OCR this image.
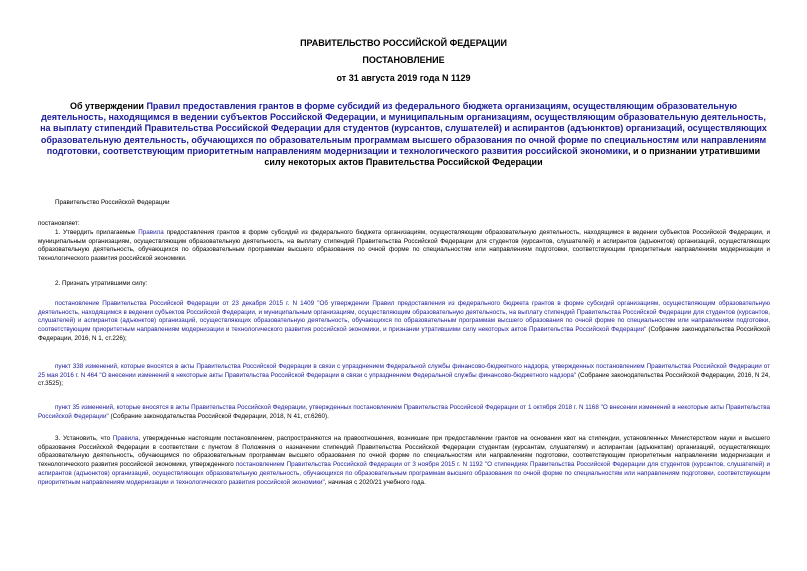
ПРАВИТЕЛЬСТВО РОССИЙСКОЙ ФЕДЕРАЦИИ
ПОСТАНОВЛЕНИЕ
от 31 августа 2019 года N 1129
Об утверждении Правил предоставления грантов в форме субсидий из федерального бюджета организациям, осуществляющим образовательную деятельность, находящимся в ведении субъектов Российской Федерации, и муниципальным организациям, осуществляющим образовательную деятельность, на выплату стипендий Правительства Российской Федерации для студентов (курсантов, слушателей) и аспирантов (адъюнктов) организаций, осуществляющих образовательную деятельность, обучающихся по образовательным программам высшего образования по очной форме по специальностям или направлениям подготовки, соответствующим приоритетным направлениям модернизации и технологического развития российской экономики, и о признании утратившими силу некоторых актов Правительства Российской Федерации
Правительство Российской Федерации
постановляет:
1. Утвердить прилагаемые Правила предоставления грантов в форме субсидий из федерального бюджета организациям, осуществляющим образовательную деятельность, находящимся в ведении субъектов Российской Федерации, и муниципальным организациям, осуществляющим образовательную деятельность, на выплату стипендий Правительства Российской Федерации для студентов (курсантов, слушателей) и аспирантов (адъюнктов) организаций, осуществляющих образовательную деятельность, обучающихся по образовательным программам высшего образования по очной форме по специальностям или направлениям подготовки, соответствующим приоритетным направлениям модернизации и технологического развития российской экономики.
2. Признать утратившими силу:
постановление Правительства Российской Федерации от 23 декабря 2015 г. N 1409 "Об утверждении Правил предоставления из федерального бюджета грантов в форме субсидий организациям, осуществляющим образовательную деятельность, находящимся в ведении субъектов Российской Федерации, и муниципальным организациям, осуществляющим образовательную деятельность, на выплату стипендий Правительства Российской Федерации для студентов (курсантов, слушателей) и аспирантов (адъюнктов) организаций, осуществляющих образовательную деятельность, обучающихся по образовательным программам высшего образования по очной форме по специальностям или направлениям подготовки, соответствующим приоритетным направлениям модернизации и технологического развития российской экономики, и признании утратившими силу некоторых актов Правительства Российской Федерации" (Собрание законодательства Российской Федерации, 2016, N 1, ст.226);
пункт 338 изменений, которые вносятся в акты Правительства Российской Федерации в связи с упразднением Федеральной службы финансово-бюджетного надзора, утвержденных постановлением Правительства Российской Федерации от 25 мая 2016 г. N 464 "О внесении изменений в некоторые акты Правительства Российской Федерации в связи с упразднением Федеральной службы финансово-бюджетного надзора" (Собрание законодательства Российской Федерации, 2016, N 24, ст.3525);
пункт 35 изменений, которые вносятся в акты Правительства Российской Федерации, утвержденных постановлением Правительства Российской Федерации от 1 октября 2018 г. N 1168 "О внесении изменений в некоторые акты Правительства Российской Федерации" (Собрание законодательства Российской Федерации, 2018, N 41, ст.6260).
3. Установить, что Правила, утвержденные настоящим постановлением, распространяются на правоотношения, возникшие при предоставлении грантов на основании квот на стипендии, установленных Министерством науки и высшего образования Российской Федерации в соответствии с пунктом 8 Положения о назначении стипендий Правительства Российской Федерации студентам (курсантам, слушателям) и аспирантам (адъюнктам) организаций, осуществляющих образовательную деятельность, обучающимся по образовательным программам высшего образования по очной форме по специальностям или направлениям подготовки, соответствующим приоритетным направлениям модернизации и технологического развития российской экономики, утвержденного постановлением Правительства Российской Федерации от 3 ноября 2015 г. N 1192 "О стипендиях Правительства Российской Федерации для студентов (курсантов, слушателей) и аспирантов (адъюнктов) организаций, осуществляющих образовательную деятельность, обучающихся по образовательным программам высшего образования по очной форме по специальностям или направлениям подготовки, соответствующим приоритетным направлениям модернизации и технологического развития российской экономики", начиная с 2020/21 учебного года.
